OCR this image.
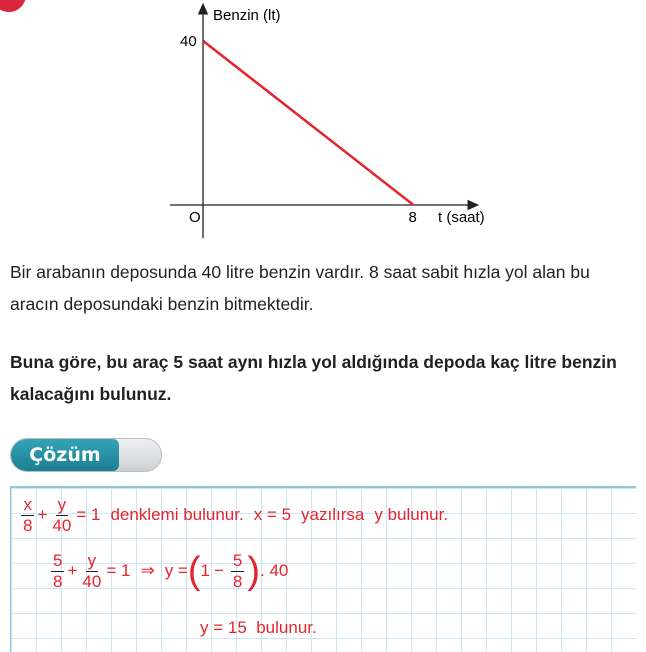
Benzin (lt)
t (saat)
O
40
8

Bir arabanın deposunda 40 litre benzin vardır. 8 saat sabit hızla yol alan bu aracın deposundaki benzin bitmektedir.

Buna göre, bu araç 5 saat aynı hızla yol aldığında depoda kaç litre benzin kalacağını bulunuz.

Çözüm
$\frac{x}{8} + \frac{y}{40} = 1$ denklemi bulunur. x = 5 yazılırsa y bulunur.
$\frac{5}{8} + \frac{y}{40} = 1$ ⇒ y = ( $1 - \frac{5}{8}$ ) . 40
y = 15  bulunur.
